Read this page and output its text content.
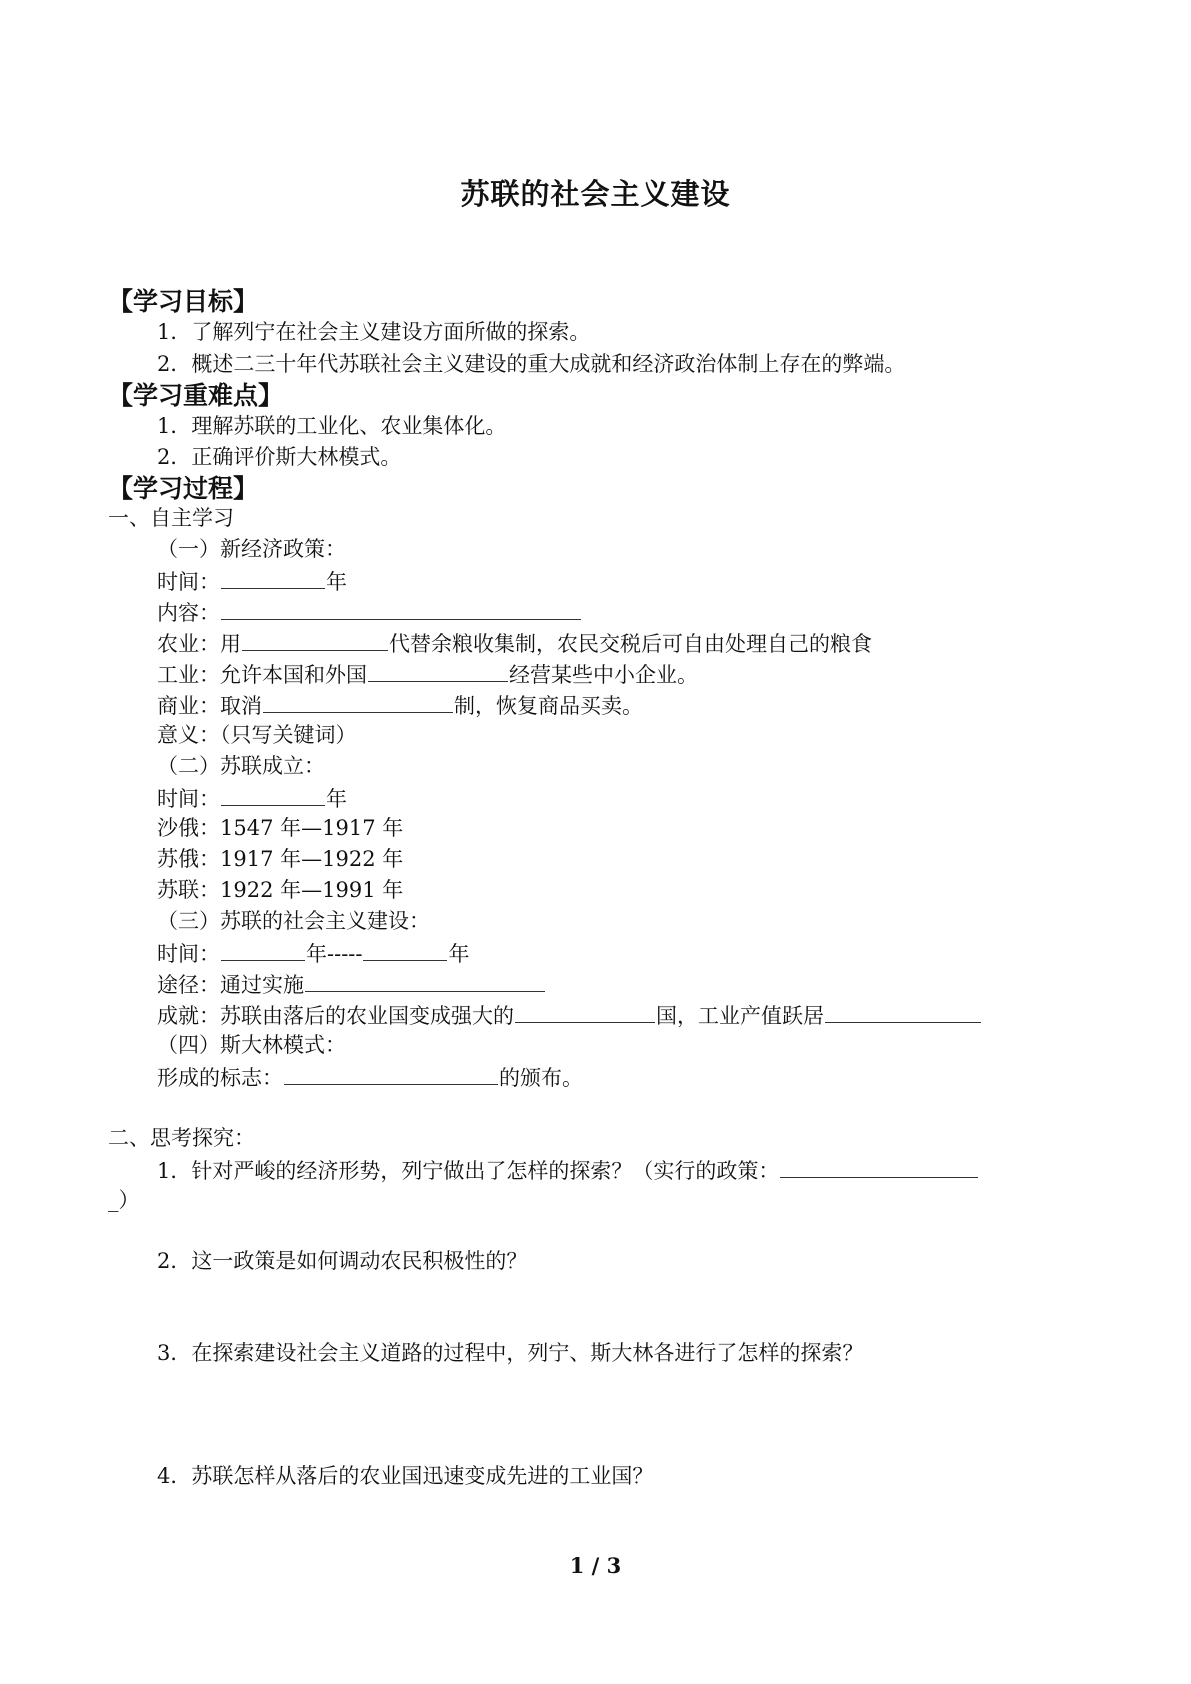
苏联的社会主义建设
【学习目标】
1．了解列宁在社会主义建设方面所做的探索。
2．概述二三十年代苏联社会主义建设的重大成就和经济政治体制上存在的弊端。
【学习重难点】
1．理解苏联的工业化、农业集体化。
2．正确评价斯大林模式。
【学习过程】
一、自主学习
（一）新经济政策：
时间：	年
内容：
农业：用	代替余粮收集制，农民交税后可自由处理自己的粮食
工业：允许本国和外国	经营某些中小企业。
商业：取消	制，恢复商品买卖。
意义：（只写关键词）
（二）苏联成立：
时间：	年
沙俄：1547 年—1917 年
苏俄：1917 年—1922 年
苏联：1922 年—1991 年
（三）苏联的社会主义建设：
时间：	年-----	年
途径：通过实施
成就：苏联由落后的农业国变成强大的	国，工业产值跃居
（四）斯大林模式：
形成的标志：	的颁布。
二、思考探究：
1．针对严峻的经济形势，列宁做出了怎样的探索？（实行的政策：
_）
2．这一政策是如何调动农民积极性的？
3．在探索建设社会主义道路的过程中，列宁、斯大林各进行了怎样的探索？
4．苏联怎样从落后的农业国迅速变成先进的工业国？
1 / 3
